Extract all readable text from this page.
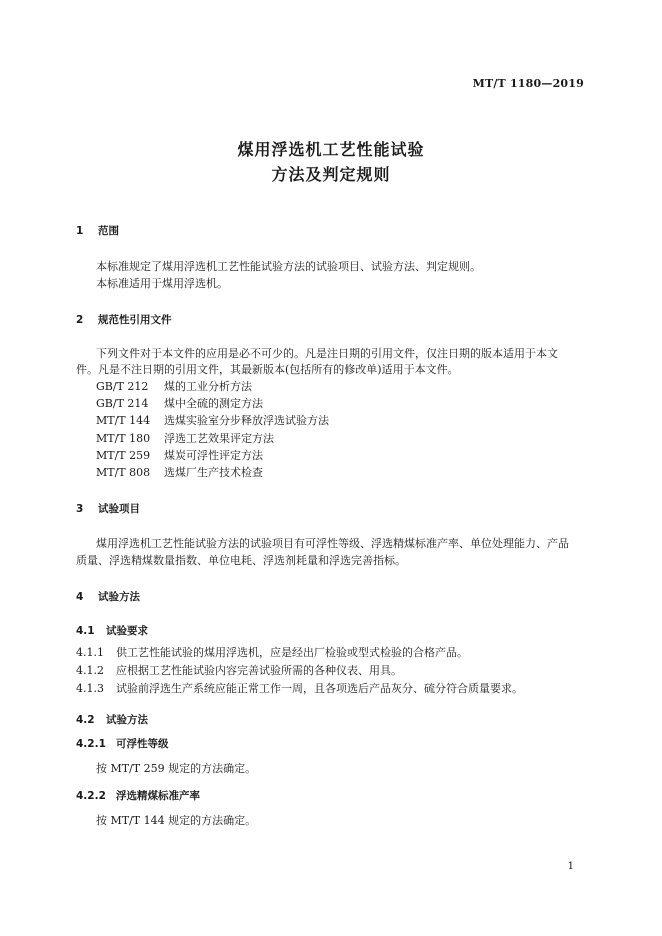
MT/T 1180—2019
煤用浮选机工艺性能试验
方法及判定规则
1 范围
本标准规定了煤用浮选机工艺性能试验方法的试验项目、试验方法、判定规则。
本标准适用于煤用浮选机。
2 规范性引用文件
下列文件对于本文件的应用是必不可少的。凡是注日期的引用文件，仅注日期的版本适用于本文
件。凡是不注日期的引用文件，其最新版本(包括所有的修改单)适用于本文件。
GB/T 212 煤的工业分析方法
GB/T 214 煤中全硫的测定方法
MT/T 144 选煤实验室分步释放浮选试验方法
MT/T 180 浮选工艺效果评定方法
MT/T 259 煤炭可浮性评定方法
MT/T 808 选煤厂生产技术检查
3 试验项目
煤用浮选机工艺性能试验方法的试验项目有可浮性等级、浮选精煤标准产率、单位处理能力、产品
质量、浮选精煤数量指数、单位电耗、浮选剂耗量和浮选完善指标。
4 试验方法
4.1 试验要求
4.1.1 供工艺性能试验的煤用浮选机，应是经出厂检验或型式检验的合格产品。
4.1.2 应根据工艺性能试验内容完善试验所需的各种仪表、用具。
4.1.3 试验前浮选生产系统应能正常工作一周，且各项选后产品灰分、硫分符合质量要求。
4.2 试验方法
4.2.1 可浮性等级
按 MT/T 259 规定的方法确定。
4.2.2 浮选精煤标准产率
按 MT/T 144 规定的方法确定。
1
